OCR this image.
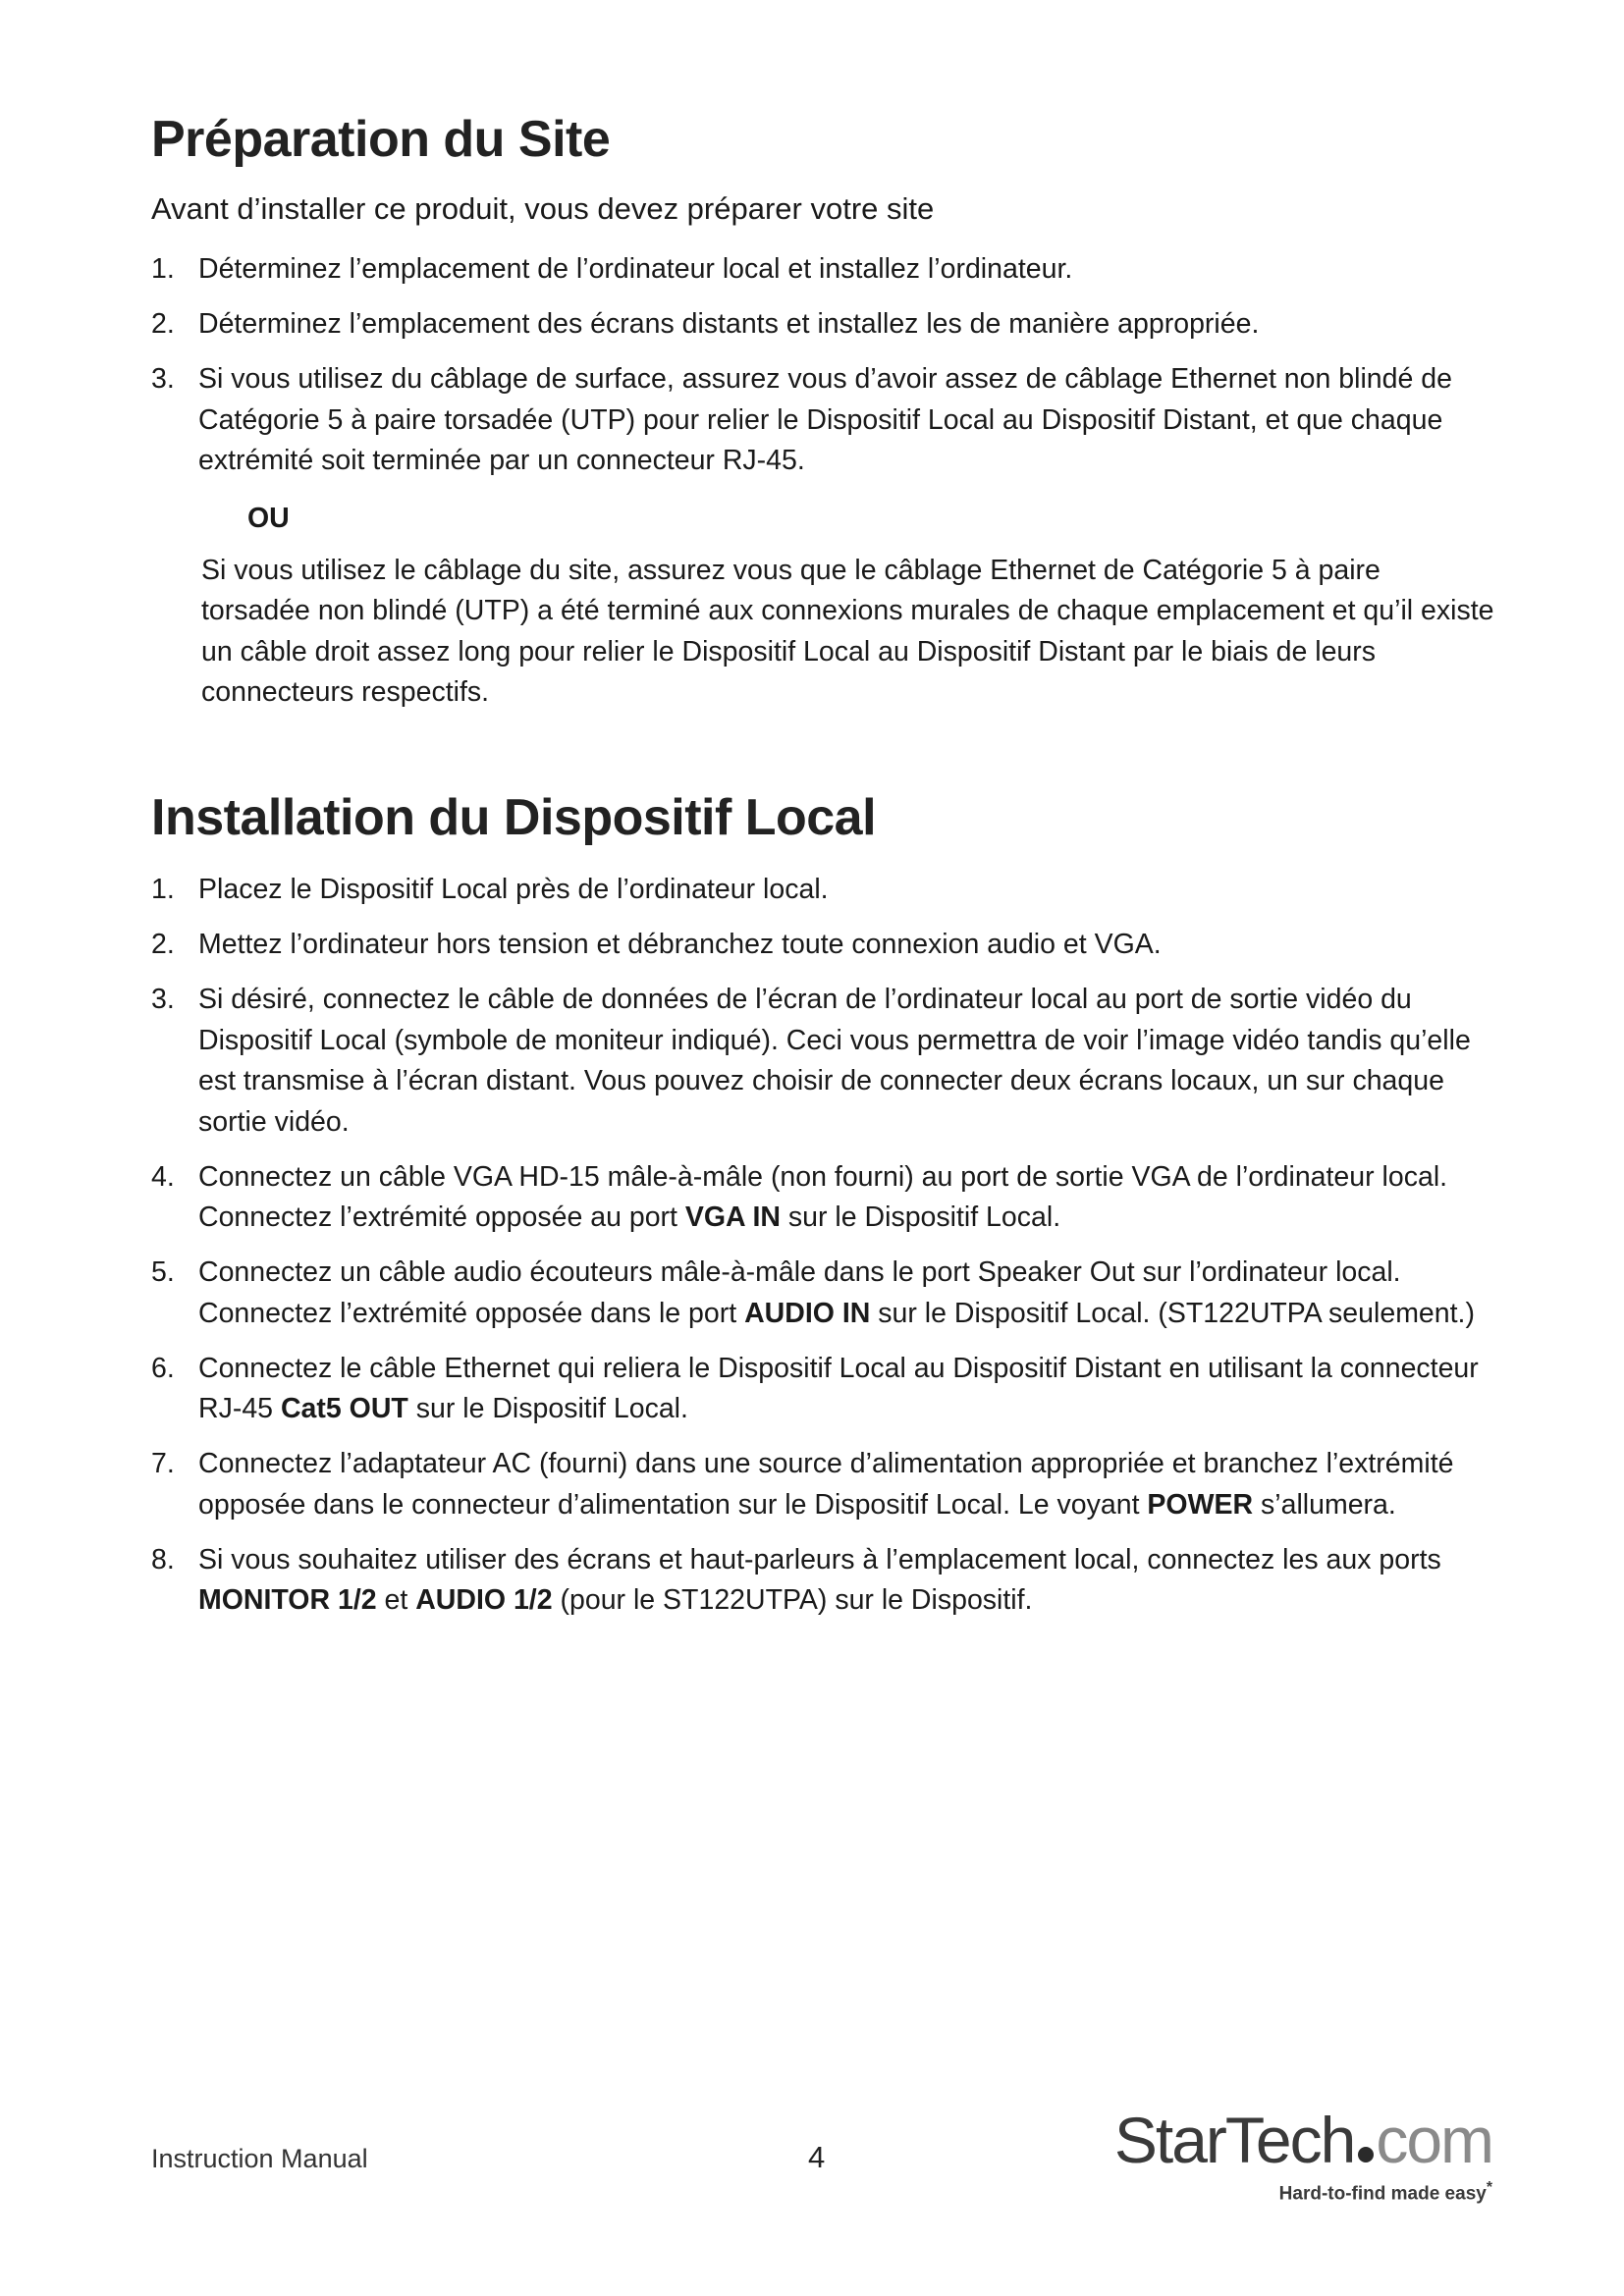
Préparation du Site

Avant d’installer ce produit, vous devez préparer votre site

1. Déterminez l’emplacement de l’ordinateur local et installez l’ordinateur.
2. Déterminez l’emplacement des écrans distants et installez les de manière appropriée.
3. Si vous utilisez du câblage de surface, assurez vous d’avoir assez de câblage Ethernet non blindé de Catégorie 5 à paire torsadée (UTP) pour relier le Dispositif Local au Dispositif Distant, et que chaque extrémité soit terminée par un connecteur RJ-45.
OU
Si vous utilisez le câblage du site, assurez vous que le câblage Ethernet de Catégorie 5 à paire torsadée non blindé (UTP) a été terminé aux connexions murales de chaque emplacement et qu’il existe un câble droit assez long pour relier le Dispositif Local au Dispositif Distant par le biais de leurs connecteurs respectifs.
Installation du Dispositif Local
1. Placez le Dispositif Local près de l’ordinateur local.
2. Mettez l’ordinateur hors tension et débranchez toute connexion audio et VGA.
3. Si désiré, connectez le câble de données de l’écran de l’ordinateur local au port de sortie vidéo du Dispositif Local (symbole de moniteur indiqué). Ceci vous permettra de voir l’image vidéo tandis qu’elle est transmise à l’écran distant. Vous pouvez choisir de connecter deux écrans locaux, un sur chaque sortie vidéo.
4. Connectez un câble VGA HD-15 mâle-à-mâle (non fourni) au port de sortie VGA de l’ordinateur local. Connectez l’extrémité opposée au port VGA IN sur le Dispositif Local.
5. Connectez un câble audio écouteurs mâle-à-mâle dans le port Speaker Out sur l’ordinateur local. Connectez l’extrémité opposée dans le port AUDIO IN sur le Dispositif Local. (ST122UTPA seulement.)
6. Connectez le câble Ethernet qui reliera le Dispositif Local au Dispositif Distant en utilisant la connecteur RJ-45 Cat5 OUT sur le Dispositif Local.
7. Connectez l’adaptateur AC (fourni) dans une source d’alimentation appropriée et branchez l’extrémité opposée dans le connecteur d’alimentation sur le Dispositif Local. Le voyant POWER s’allumera.
8. Si vous souhaitez utiliser des écrans et haut-parleurs à l’emplacement local, connectez les aux ports MONITOR 1/2 et AUDIO 1/2 (pour le ST122UTPA) sur le Dispositif.
Instruction Manual	4	StarTech com
Hard-to-find made easy*
